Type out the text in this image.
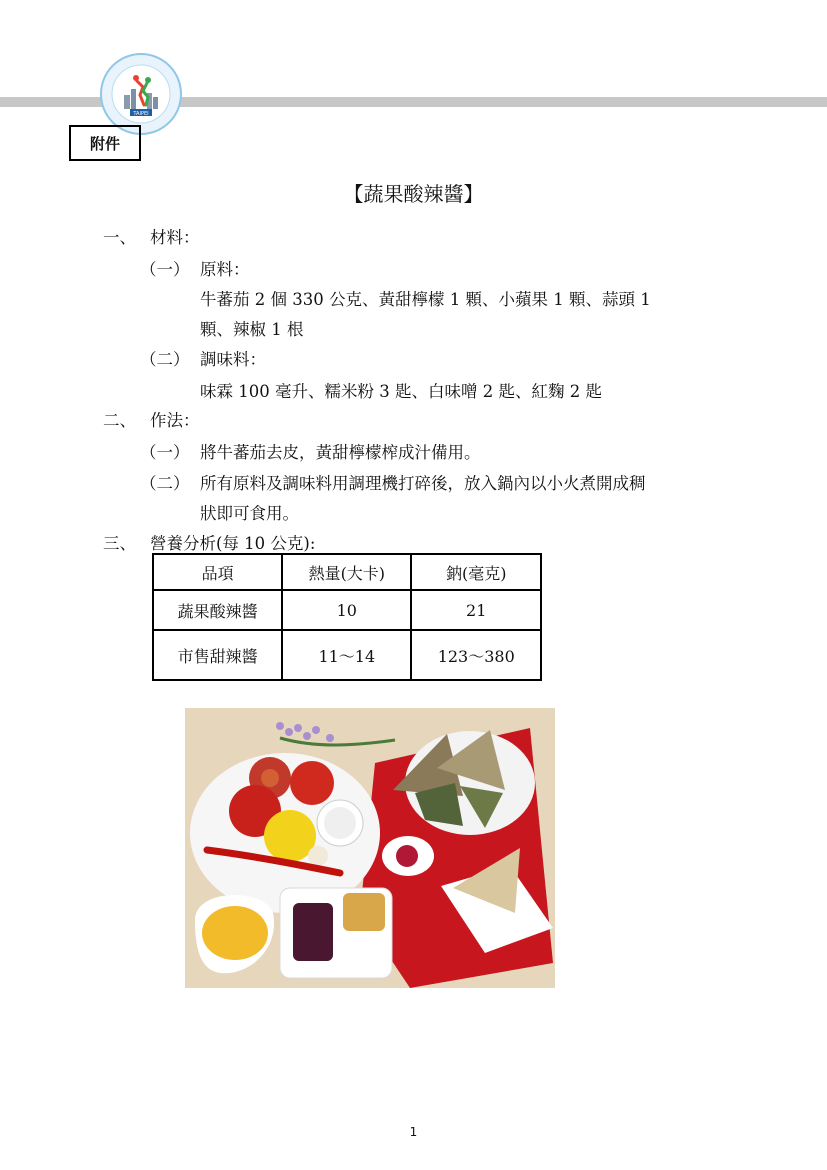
TAIPEI
附件
【蔬果酸辣醬】
一、 材料：
（一） 原料：
牛蕃茄 2 個 330 公克、黃甜檸檬 1 顆、小蘋果 1 顆、蒜頭 1
顆、辣椒 1 根
（二） 調味料：
味霖 100 毫升、糯米粉 3 匙、白味噌 2 匙、紅麴 2 匙
二、 作法：
（一） 將牛蕃茄去皮，黃甜檸檬榨成汁備用。
（二） 所有原料及調味料用調理機打碎後，放入鍋內以小火煮開成稠
狀即可食用。
三、 營養分析(每 10 公克):
品項	熱量(大卡)	鈉(毫克)
蔬果酸辣醬	10	21
市售甜辣醬	11～14	123～380
1
